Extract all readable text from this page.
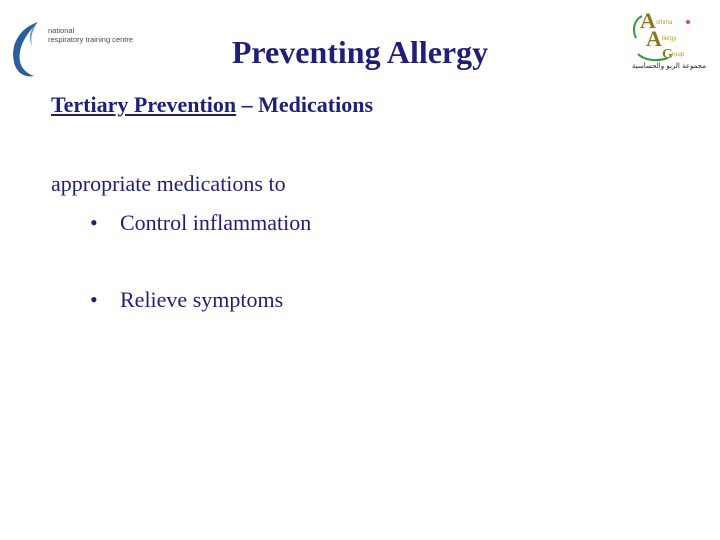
national
respiratory training centre
A sthma
A llergy
G roup
مجموعة الربو والحساسية
Preventing Allergy
Tertiary Prevention – Medications
appropriate medications to
• Control inflammation
• Relieve symptoms
